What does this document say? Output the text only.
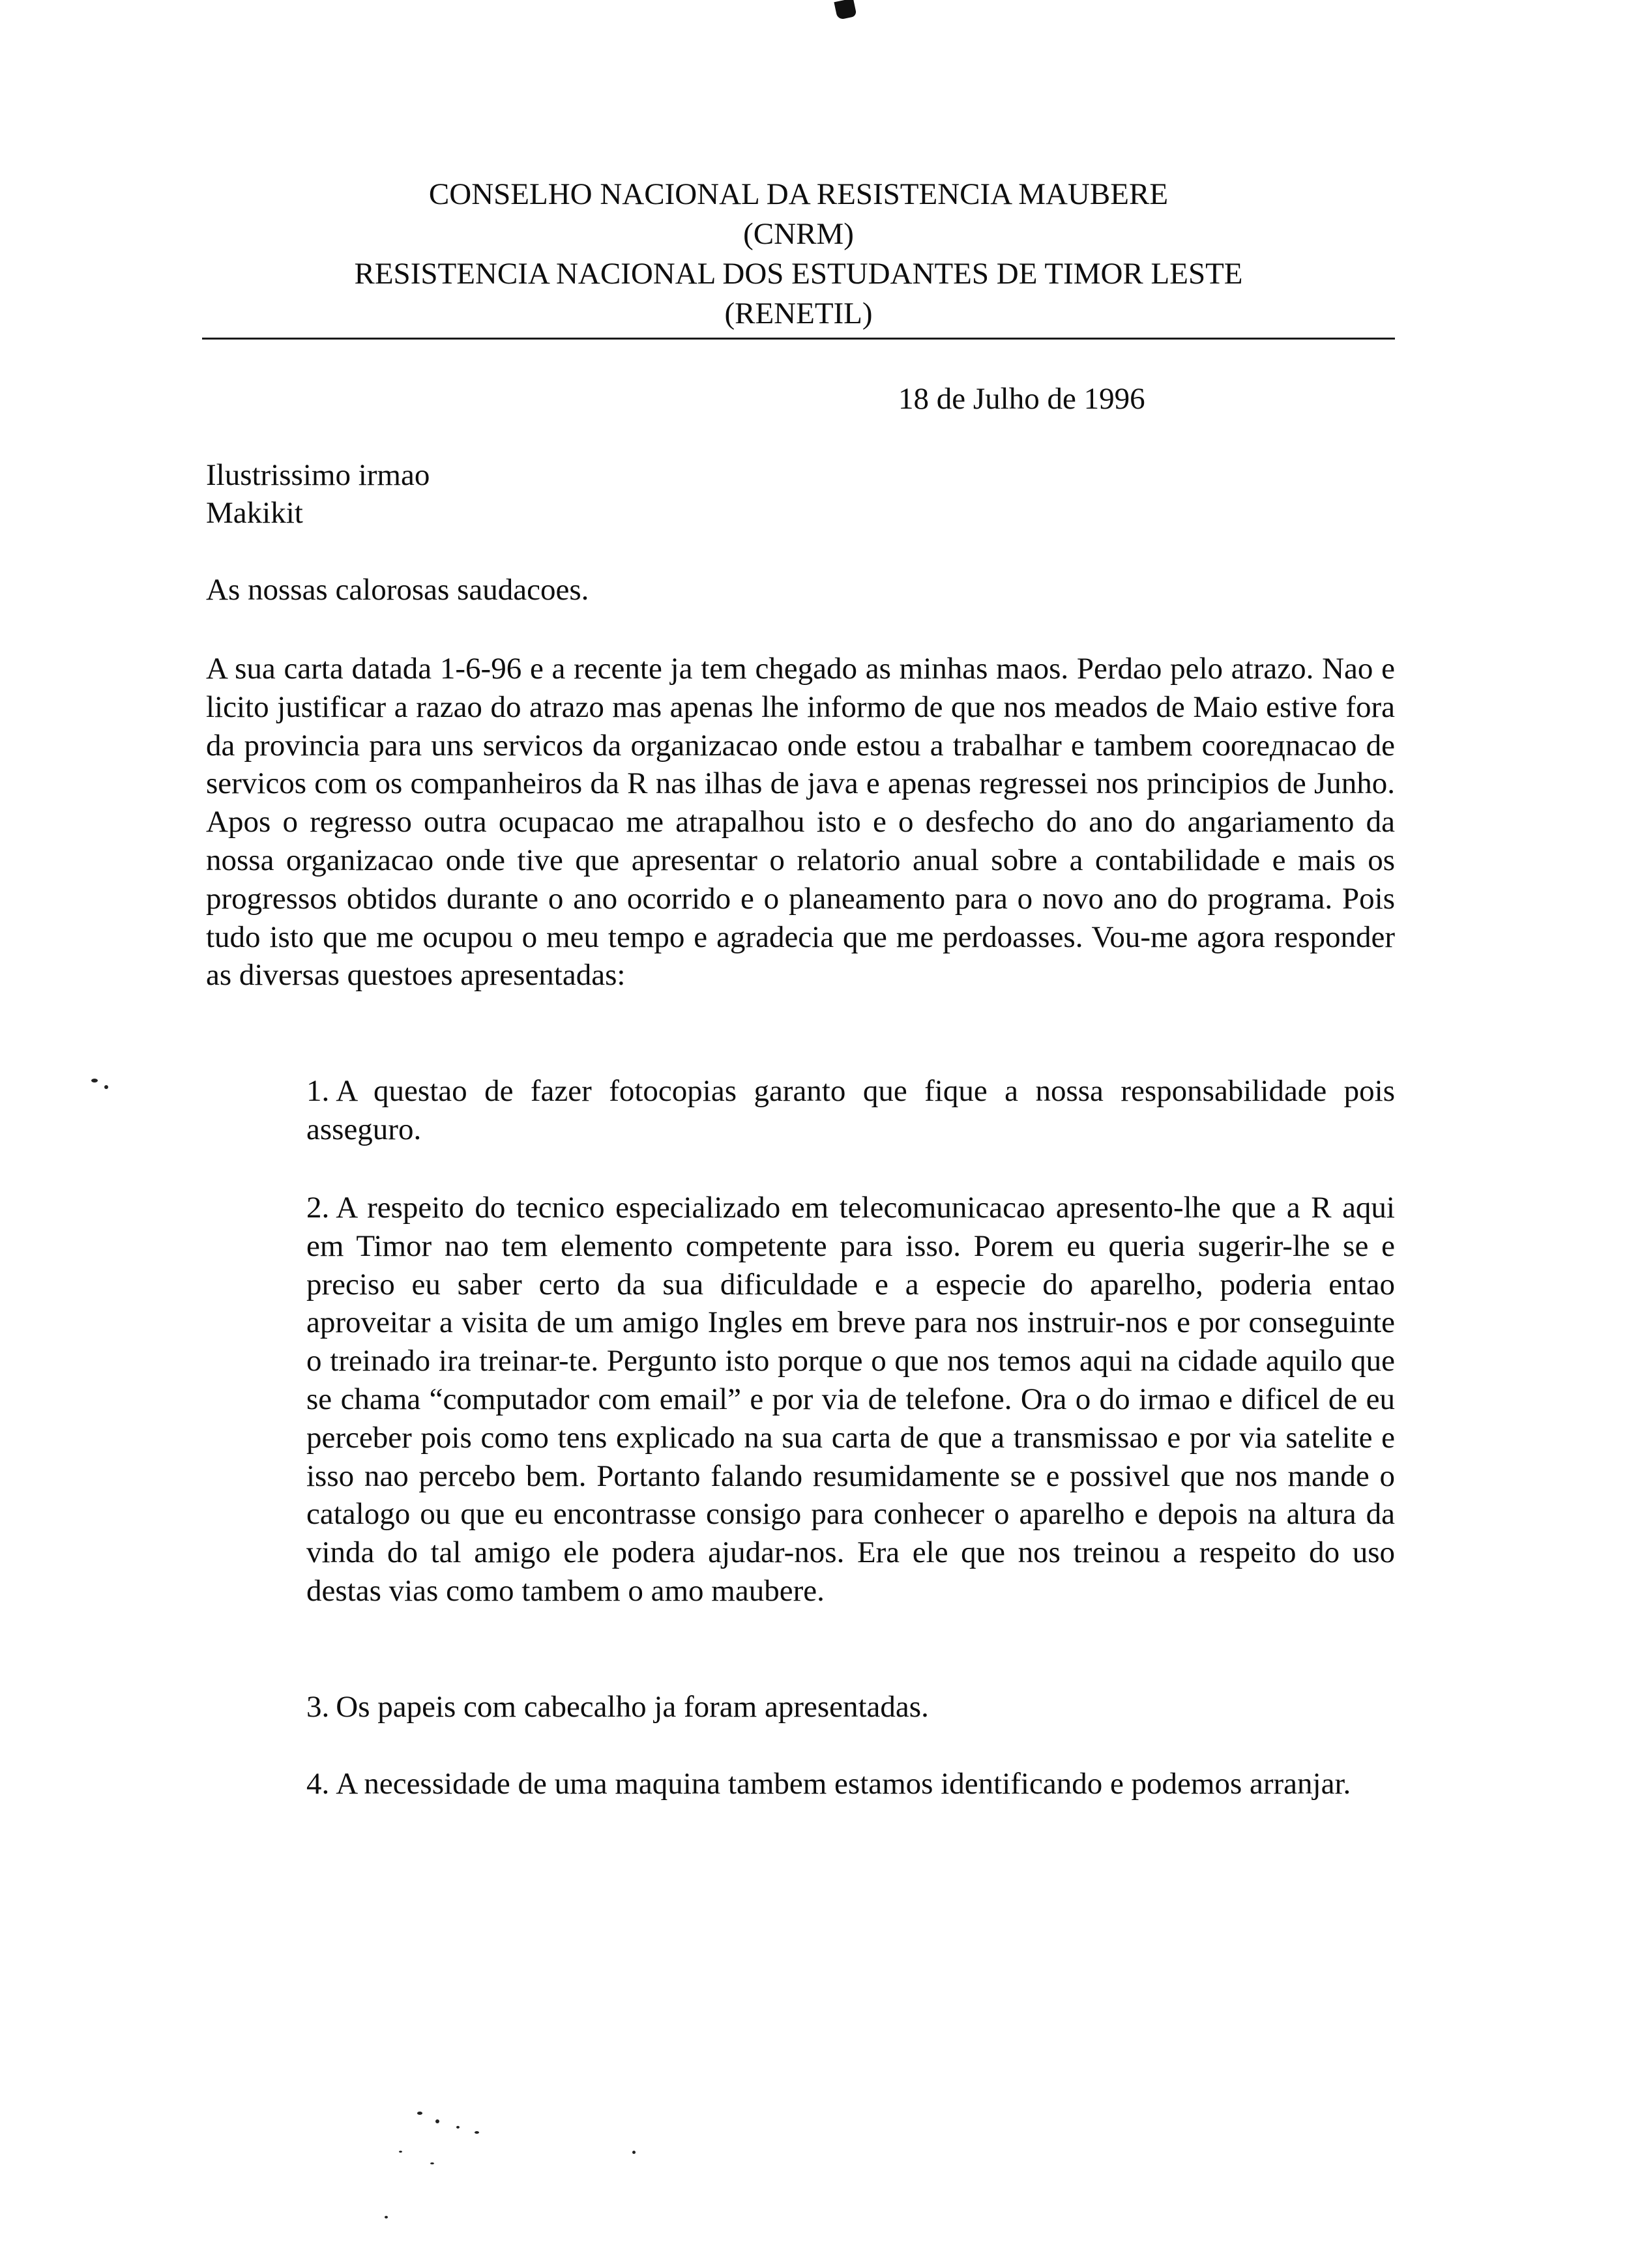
CONSELHO NACIONAL DA RESISTENCIA MAUBERE
(CNRM)
RESISTENCIA NACIONAL DOS ESTUDANTES DE TIMOR LESTE
(RENETIL)
18 de Julho de 1996
Ilustrissimo irmao
Makikit
As nossas calorosas saudacoes.
A sua carta datada 1-6-96 e a recente ja tem chegado as minhas maos. Perdao pelo atrazo. Nao e licito justificar a razao do atrazo mas apenas lhe informo de que nos meados de Maio estive fora da provincia para uns servicos da organizacao onde estou a trabalhar e tambem cooreдnacao de servicos com os companheiros da R nas ilhas de java e apenas regressei nos principios de Junho. Apos o regresso outra ocupacao me atrapalhou isto e o desfecho do ano do angariamento da nossa organizacao onde tive que apresentar o relatorio anual sobre a contabilidade e mais os progressos obtidos durante o ano ocorrido e o planeamento para o novo ano do programa. Pois tudo isto que me ocupou o meu tempo e agradecia que me perdoasses. Vou-me agora responder as diversas questoes apresentadas:
1. A questao de fazer fotocopias garanto que fique a nossa responsabilidade pois asseguro.
2. A respeito do tecnico especializado em telecomunicacao apresento-lhe que a R aqui em Timor nao tem elemento competente para isso. Porem eu queria sugerir-lhe se e preciso eu saber certo da sua dificuldade e a especie do aparelho, poderia entao aproveitar a visita de um amigo Ingles em breve para nos instruir-nos e por conseguinte o treinado ira treinar-te. Pergunto isto porque o que nos temos aqui na cidade aquilo que se chama “computador com email” e por via de telefone. Ora o do irmao e dificel de eu perceber pois como tens explicado na sua carta de que a transmissao e por via satelite e isso nao percebo bem. Portanto falando resumidamente se e possivel que nos mande o catalogo ou que eu encontrasse consigo para conhecer o aparelho e depois na altura da vinda do tal amigo ele podera ajudar-nos. Era ele que nos treinou a respeito do uso destas vias como tambem o amo maubere.
3. Os papeis com cabecalho ja foram apresentadas.
4. A necessidade de uma maquina tambem estamos identificando e podemos arranjar.
